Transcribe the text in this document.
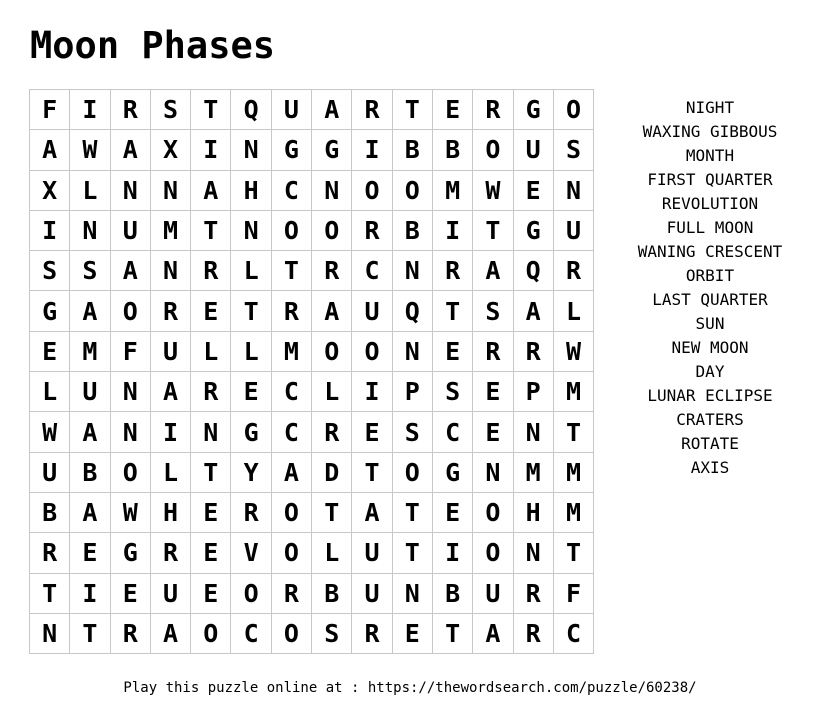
Moon Phases
F	I	R	S	T	Q	U	A	R	T	E	R	G	O
A	W	A	X	I	N	G	G	I	B	B	O	U	S
X	L	N	N	A	H	C	N	O	O	M	W	E	N
I	N	U	M	T	N	O	O	R	B	I	T	G	U
S	S	A	N	R	L	T	R	C	N	R	A	Q	R
G	A	O	R	E	T	R	A	U	Q	T	S	A	L
E	M	F	U	L	L	M	O	O	N	E	R	R	W
L	U	N	A	R	E	C	L	I	P	S	E	P	M
W	A	N	I	N	G	C	R	E	S	C	E	N	T
U	B	O	L	T	Y	A	D	T	O	G	N	M	M
B	A	W	H	E	R	O	T	A	T	E	O	H	M
R	E	G	R	E	V	O	L	U	T	I	O	N	T
T	I	E	U	E	O	R	B	U	N	B	U	R	F
N	T	R	A	O	C	O	S	R	E	T	A	R	C
NIGHT
WAXING GIBBOUS
MONTH
FIRST QUARTER
REVOLUTION
FULL MOON
WANING CRESCENT
ORBIT
LAST QUARTER
SUN
NEW MOON
DAY
LUNAR ECLIPSE
CRATERS
ROTATE
AXIS
Play this puzzle online at : https://thewordsearch.com/puzzle/60238/
